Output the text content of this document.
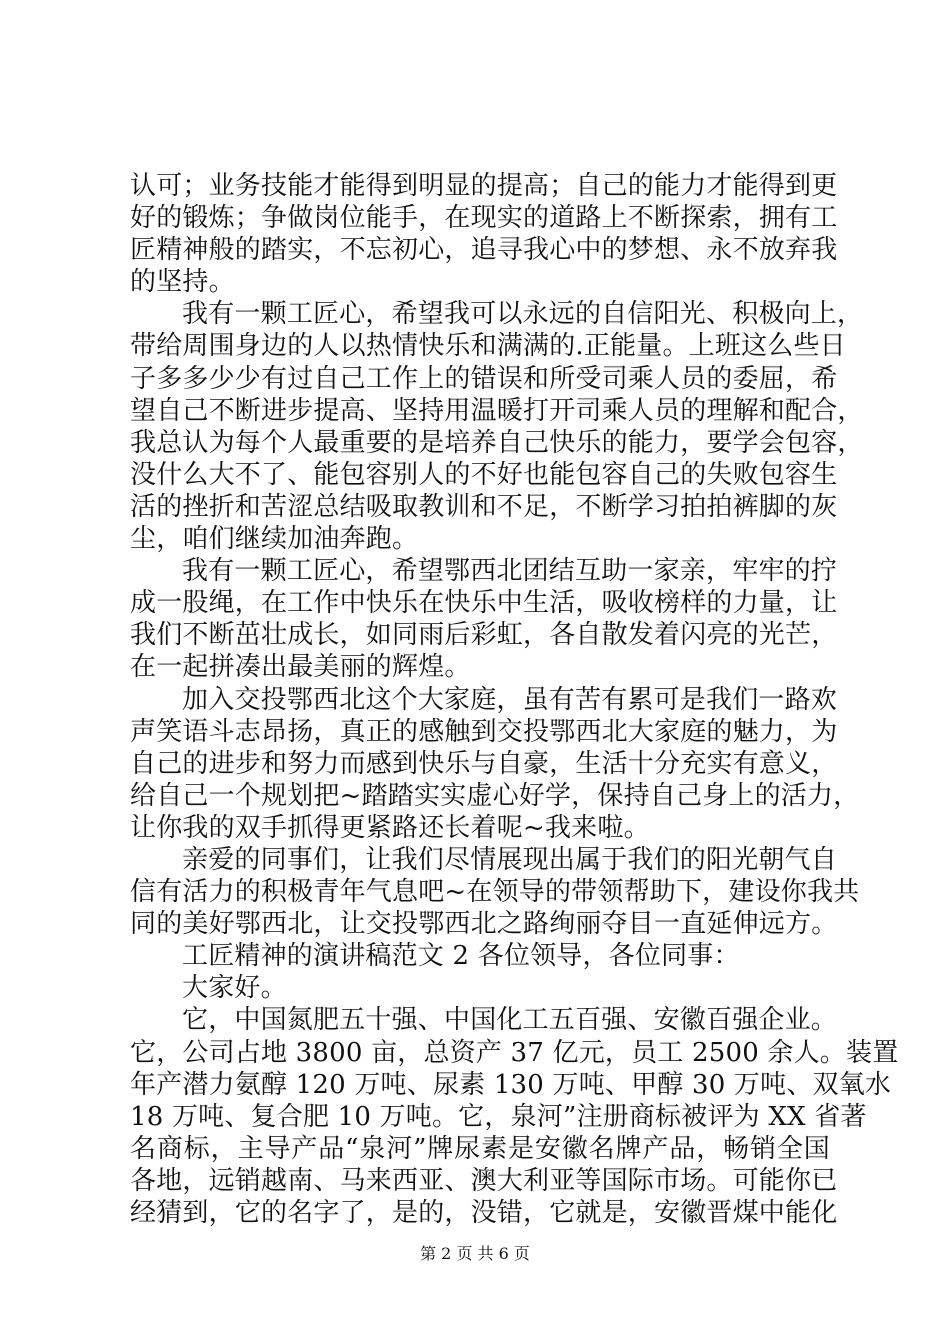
认可；业务技能才能得到明显的提高；自己的能力才能得到更
好的锻炼；争做岗位能手，在现实的道路上不断探索，拥有工
匠精神般的踏实，不忘初心，追寻我心中的梦想、永不放弃我
的坚持。
我有一颗工匠心，希望我可以永远的自信阳光、积极向上，
带给周围身边的人以热情快乐和满满的.正能量。上班这么些日
子多多少少有过自己工作上的错误和所受司乘人员的委屈，希
望自己不断进步提高、坚持用温暖打开司乘人员的理解和配合，
我总认为每个人最重要的是培养自己快乐的能力，要学会包容，
没什么大不了、能包容别人的不好也能包容自己的失败包容生
活的挫折和苦涩总结吸取教训和不足，不断学习拍拍裤脚的灰
尘，咱们继续加油奔跑。
我有一颗工匠心，希望鄂西北团结互助一家亲，牢牢的拧
成一股绳，在工作中快乐在快乐中生活，吸收榜样的力量，让
我们不断茁壮成长，如同雨后彩虹，各自散发着闪亮的光芒，
在一起拼凑出最美丽的辉煌。
加入交投鄂西北这个大家庭，虽有苦有累可是我们一路欢
声笑语斗志昂扬，真正的感触到交投鄂西北大家庭的魅力，为
自己的进步和努力而感到快乐与自豪，生活十分充实有意义，
给自己一个规划把~踏踏实实虚心好学，保持自己身上的活力，
让你我的双手抓得更紧路还长着呢~我来啦。
亲爱的同事们，让我们尽情展现出属于我们的阳光朝气自
信有活力的积极青年气息吧~在领导的带领帮助下，建设你我共
同的美好鄂西北，让交投鄂西北之路绚丽夺目一直延伸远方。
工匠精神的演讲稿范文 2 各位领导，各位同事：
大家好。
它，中国氮肥五十强、中国化工五百强、安徽百强企业。
它，公司占地 3800 亩，总资产 37 亿元，员工 2500 余人。装置
年产潜力氨醇 120 万吨、尿素 130 万吨、甲醇 30 万吨、双氧水
18 万吨、复合肥 10 万吨。它，泉河”注册商标被评为 XX 省著
名商标，主导产品“泉河”牌尿素是安徽名牌产品，畅销全国
各地，远销越南、马来西亚、澳大利亚等国际市场。可能你已
经猜到，它的名字了，是的，没错，它就是，安徽晋煤中能化
第 2 页 共 6 页
